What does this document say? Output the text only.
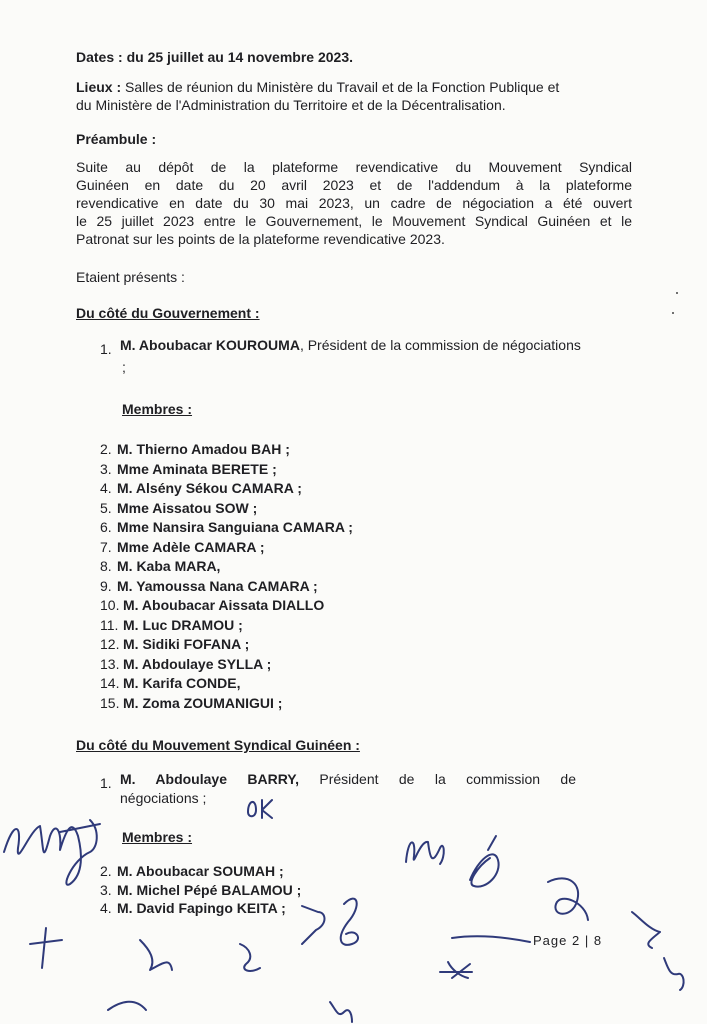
Dates : du 25 juillet au 14 novembre 2023.
Lieux : Salles de réunion du Ministère du Travail et de la Fonction Publique et
du Ministère de l'Administration du Territoire et de la Décentralisation.
Préambule :
Suite au dépôt de la plateforme revendicative du Mouvement Syndical
Guinéen en date du 20 avril 2023 et de l'addendum à la plateforme
revendicative en date du 30 mai 2023, un cadre de négociation a été ouvert
le 25 juillet 2023 entre le Gouvernement, le Mouvement Syndical Guinéen et le
Patronat sur les points de la plateforme revendicative 2023.
Etaient présents :
Du côté du Gouvernement :
1. M. Aboubacar KOUROUMA, Président de la commission de négociations
;
Membres :
2. M. Thierno Amadou BAH ;
3. Mme Aminata BERETE ;
4. M. Alsény Sékou CAMARA ;
5. Mme Aissatou SOW ;
6. Mme Nansira Sanguiana CAMARA ;
7. Mme Adèle CAMARA ;
8. M. Kaba MARA,
9. M. Yamoussa Nana CAMARA ;
10. M. Aboubacar Aissata DIALLO
11. M. Luc DRAMOU ;
12. M. Sidiki FOFANA ;
13. M. Abdoulaye SYLLA ;
14. M. Karifa CONDE,
15. M. Zoma ZOUMANIGUI ;
Du côté du Mouvement Syndical Guinéen :
1. M. Abdoulaye BARRY, Président de la commission de
négociations ;
Membres :
2. M. Aboubacar SOUMAH ;
3. M. Michel Pépé BALAMOU ;
4. M. David Fapingo KEITA ;
Page 2 | 8
